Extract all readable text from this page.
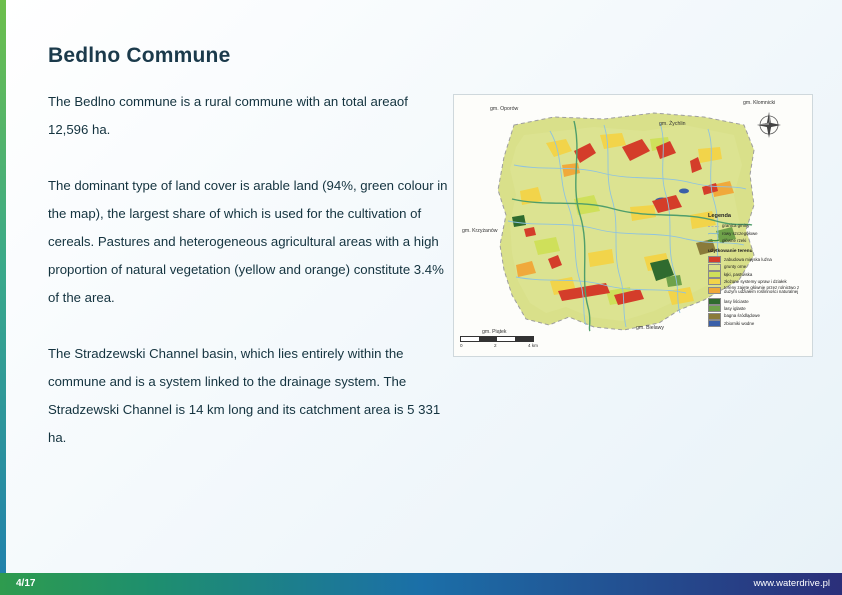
Bedlno Commune

The Bedlno commune is a rural commune with an total areaof 12,596 ha.

The dominant type of land cover is arable land (94%, green colour in the map), the largest share of which is used for the cultivation of cereals. Pastures and heterogeneous agricultural areas with a high proportion of natural vegetation (yellow and orange) constitute 3.4% of the area.

The Stradzewski Channel basin, which lies entirely within the commune and is a system linked to the drainage system. The Stradzewski Channel is 14 km long and its catchment area is 5 331 ha.

gm. Oporów
gm. Żychlin
gm. Kłomnicki
gm. Krzyżanów
gm. Piątek
gm. Bielawy
Legenda
granica gminy
rowy szczegółowe
główne rzeki
użytkowanie terenu
zabudowa miejska luźna
grunty orne
łąki, pastwiska
złożone systemy upraw i działek
tereny zajęte głównie przez rolnictwo z dużym udziałem roślinności naturalnej
lasy liściaste
lasy iglaste
bagna śródlądowe
zbiorniki wodne
0	2	4 km
4/17	www.waterdrive.pl
